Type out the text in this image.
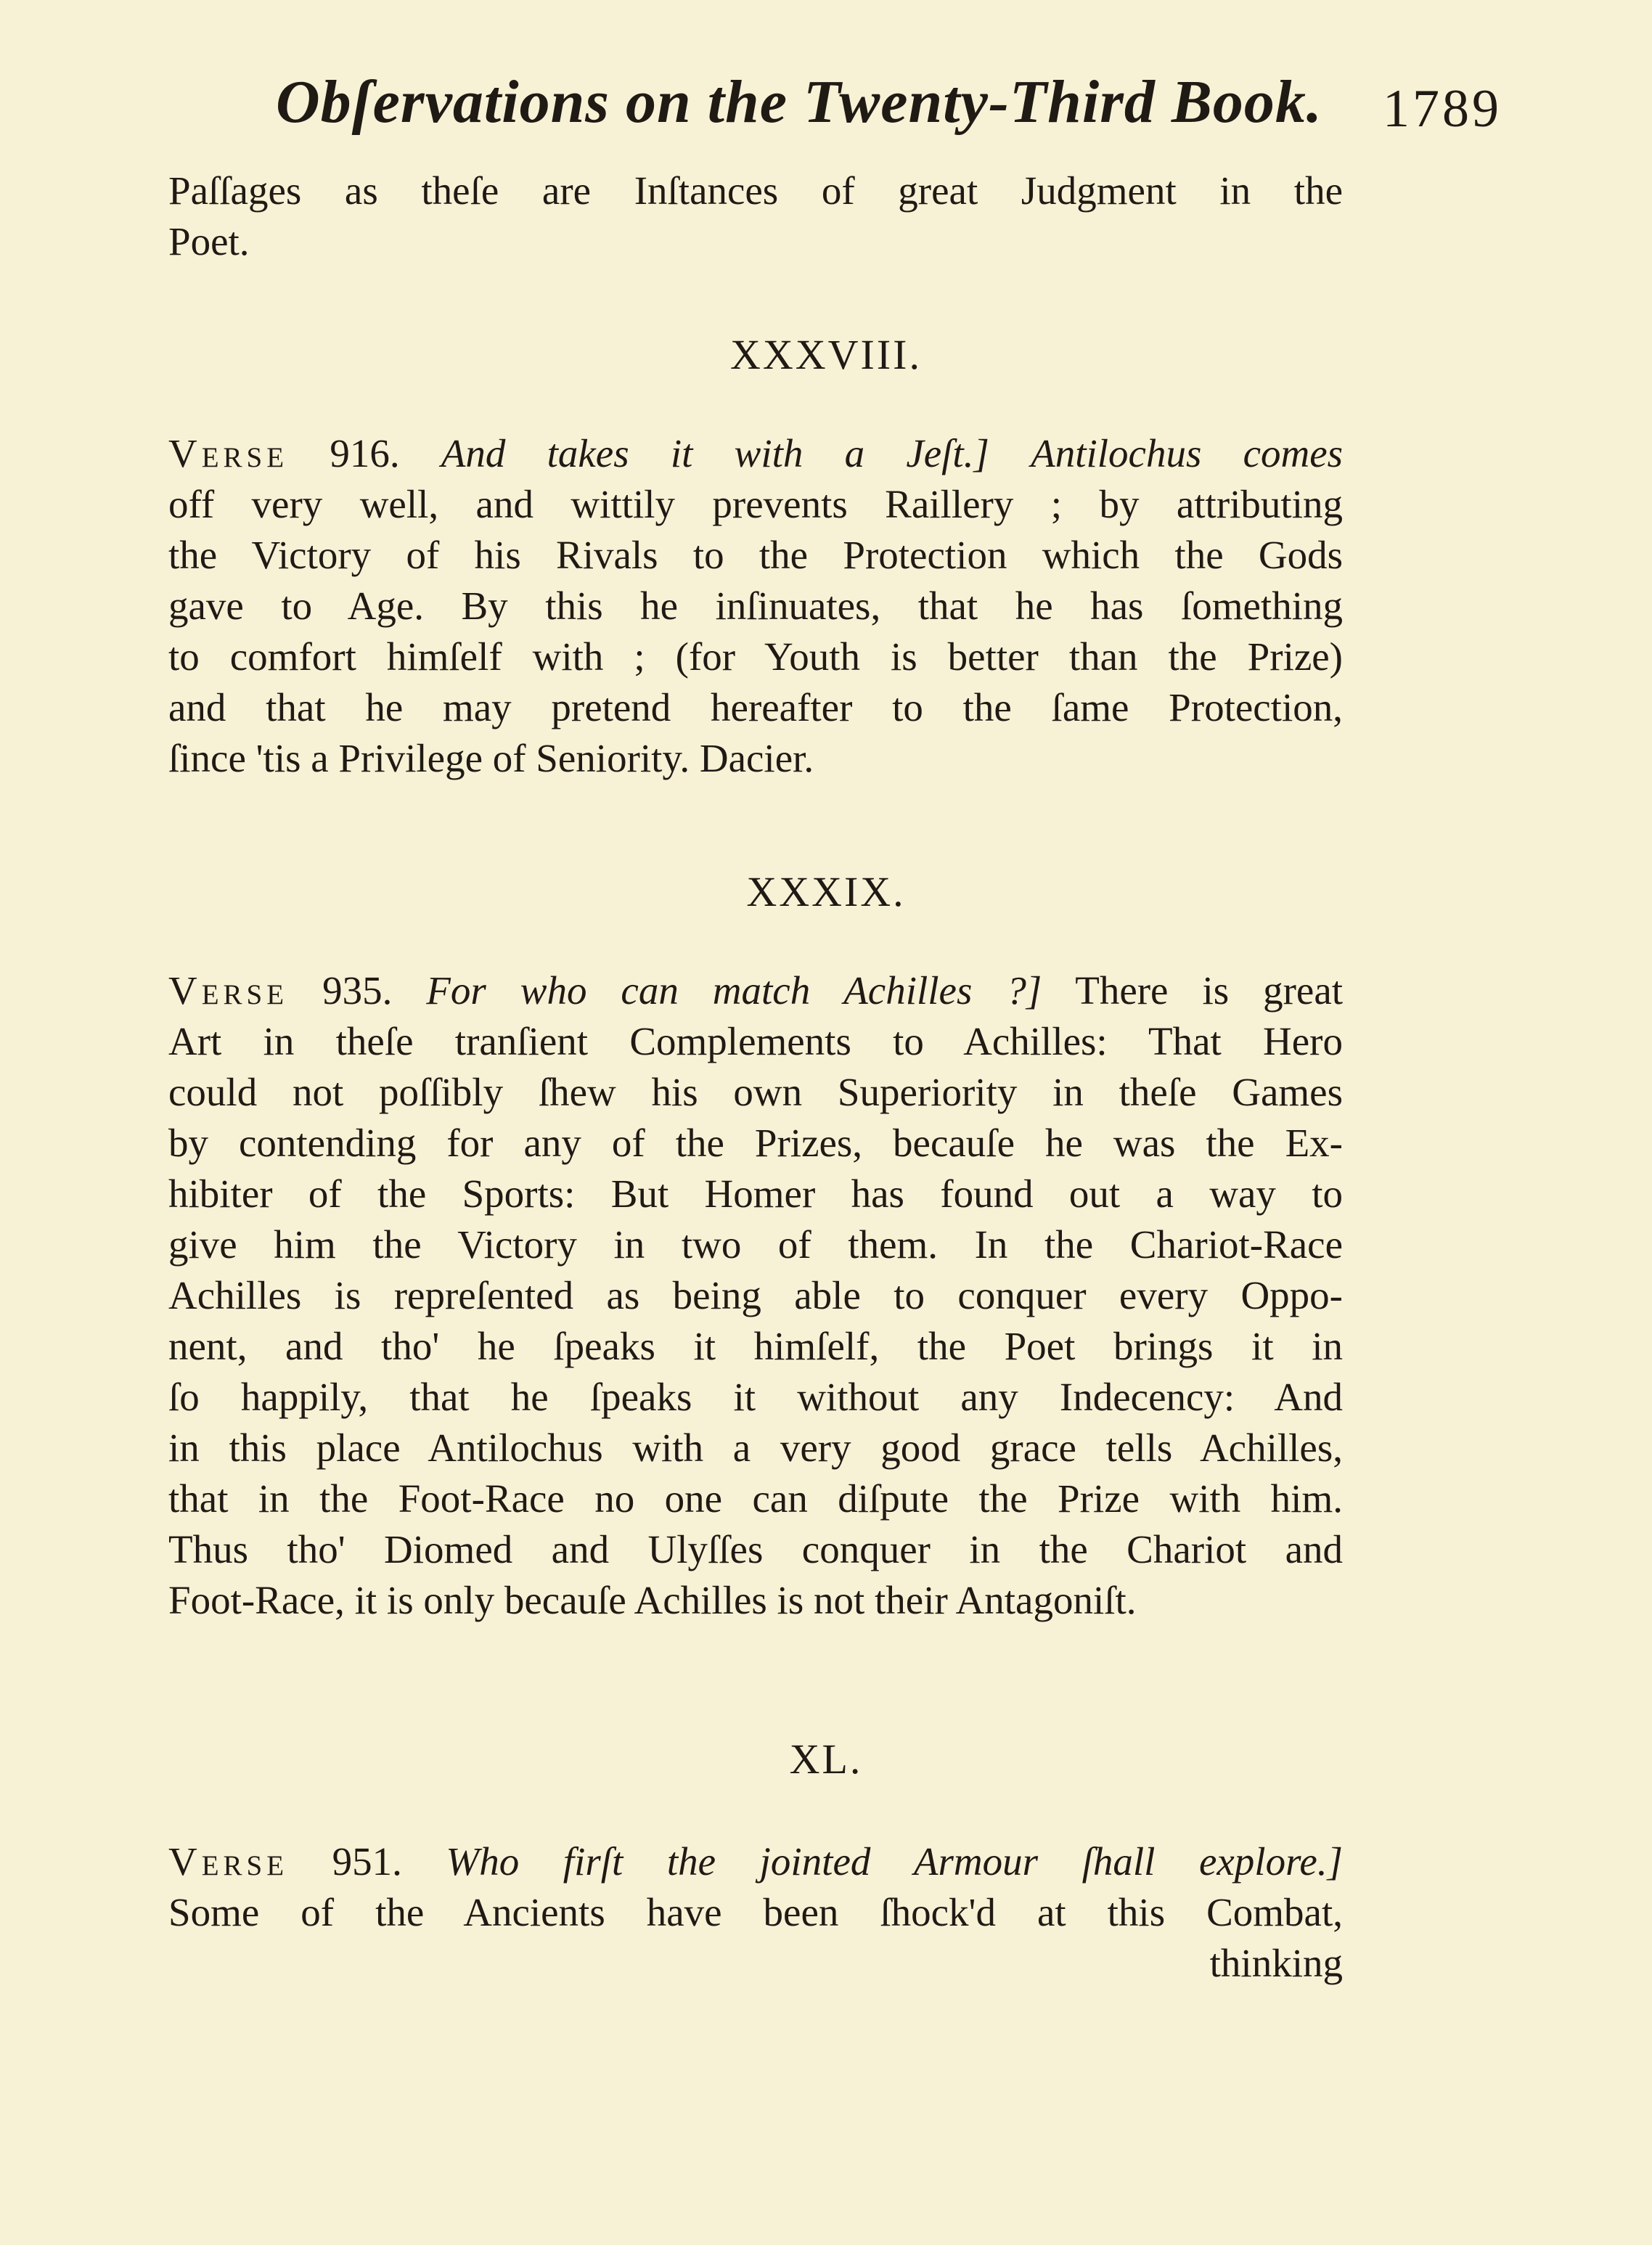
Obſervations on the Twenty-Third Book.	1789
Paſſages as theſe are Inſtances of great Judgment in the
Poet.
XXXVIII.
Verse 916. And takes it with a Jeſt.] Antilochus comes
off very well, and wittily prevents Raillery ; by attributing
the Victory of his Rivals to the Protection which the Gods
gave to Age. By this he inſinuates, that he has ſomething
to comfort himſelf with ; (for Youth is better than the Prize)
and that he may pretend hereafter to the ſame Protection,
ſince 'tis a Privilege of Seniority. Dacier.
XXXIX.
Verse 935. For who can match Achilles ?] There is great
Art in theſe tranſient Complements to Achilles: That Hero
could not poſſibly ſhew his own Superiority in theſe Games
by contending for any of the Prizes, becauſe he was the Ex-
hibiter of the Sports: But Homer has found out a way to
give him the Victory in two of them. In the Chariot-Race
Achilles is repreſented as being able to conquer every Oppo-
nent, and tho' he ſpeaks it himſelf, the Poet brings it in
ſo happily, that he ſpeaks it without any Indecency: And
in this place Antilochus with a very good grace tells Achilles,
that in the Foot-Race no one can diſpute the Prize with him.
Thus tho' Diomed and Ulyſſes conquer in the Chariot and
Foot-Race, it is only becauſe Achilles is not their Antagoniſt.
XL.
Verse 951. Who firſt the jointed Armour ſhall explore.]
Some of the Ancients have been ſhock'd at this Combat,
thinking
